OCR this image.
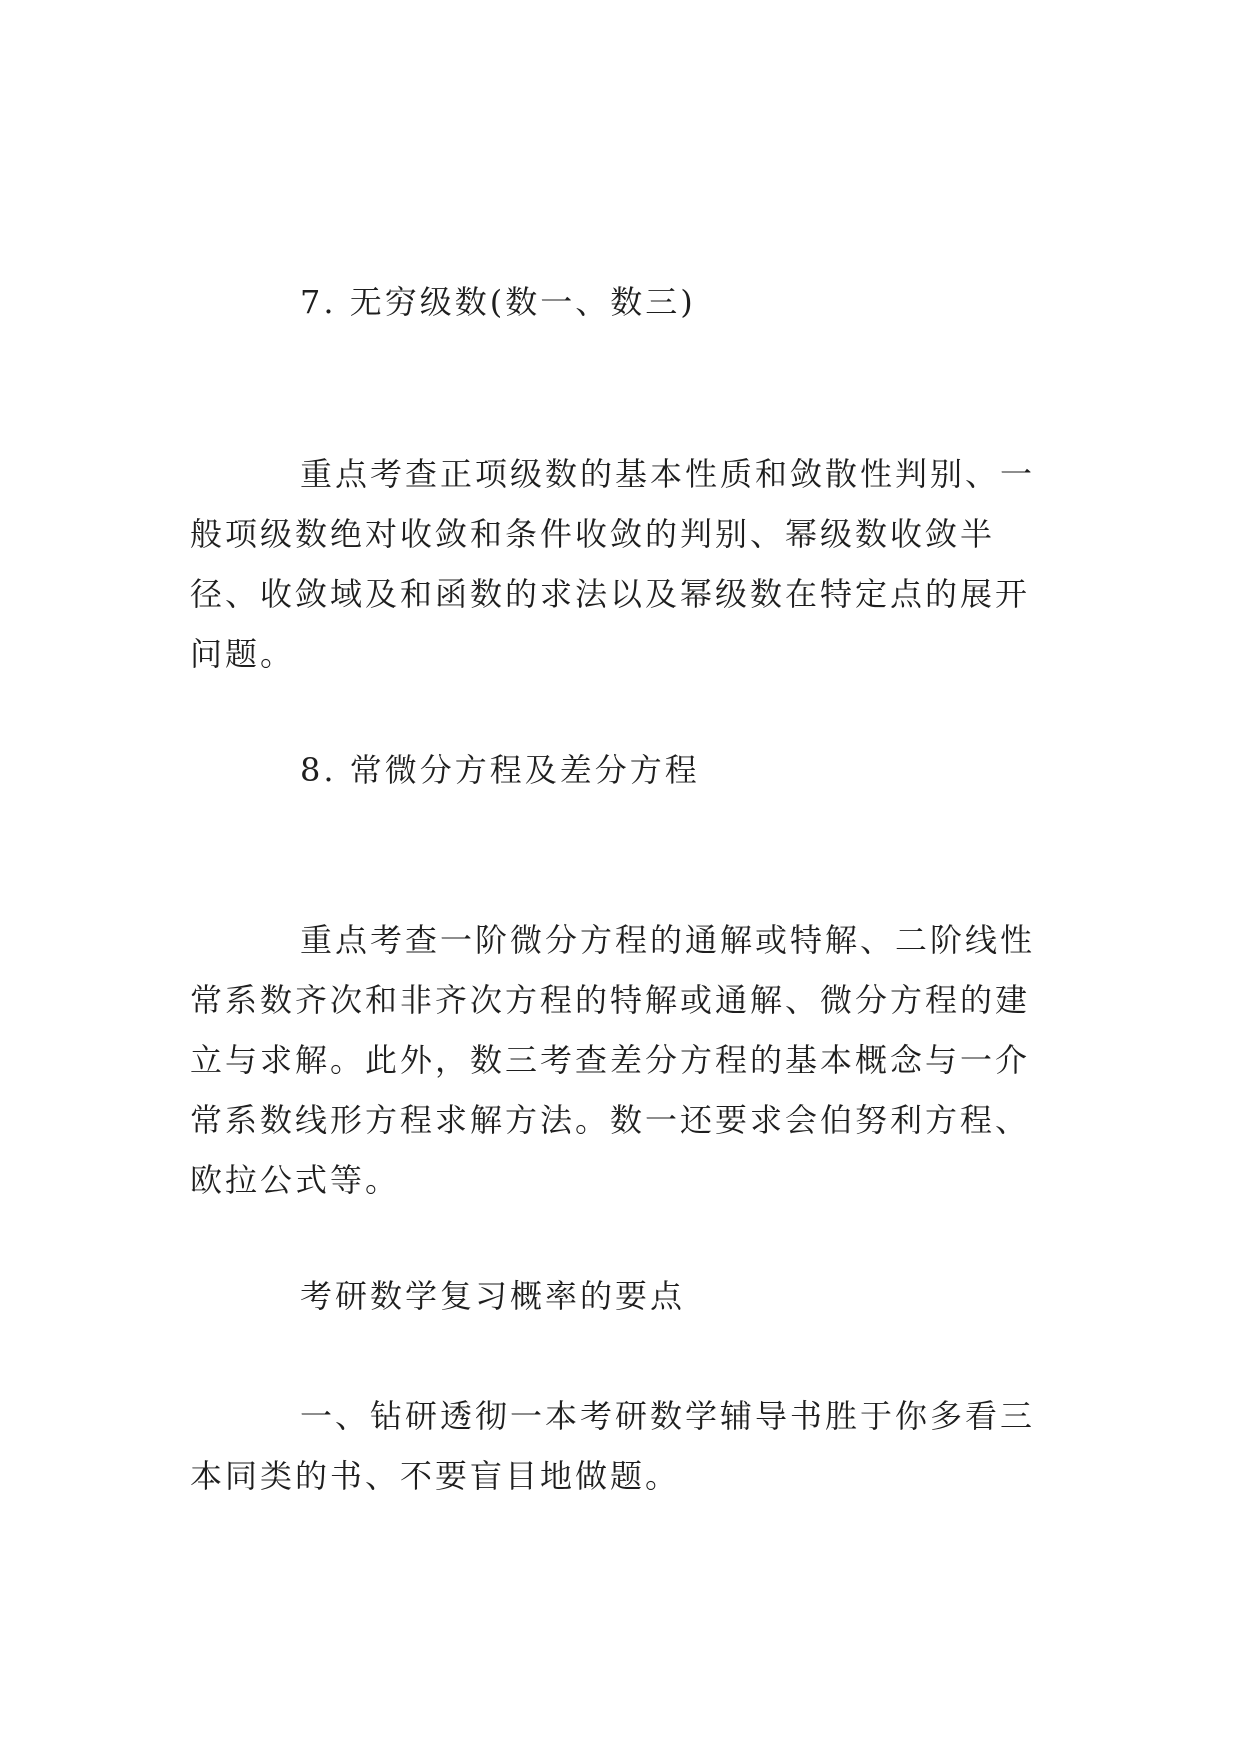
7. 无穷级数(数一、数三)

重点考查正项级数的基本性质和敛散性判别、一般项级数绝对收敛和条件收敛的判别、幂级数收敛半径、收敛域及和函数的求法以及幂级数在特定点的展开问题。

8. 常微分方程及差分方程

重点考查一阶微分方程的通解或特解、二阶线性常系数齐次和非齐次方程的特解或通解、微分方程的建立与求解。此外，数三考查差分方程的基本概念与一介常系数线形方程求解方法。数一还要求会伯努利方程、欧拉公式等。

考研数学复习概率的要点

一、钻研透彻一本考研数学辅导书胜于你多看三本同类的书、不要盲目地做题。
